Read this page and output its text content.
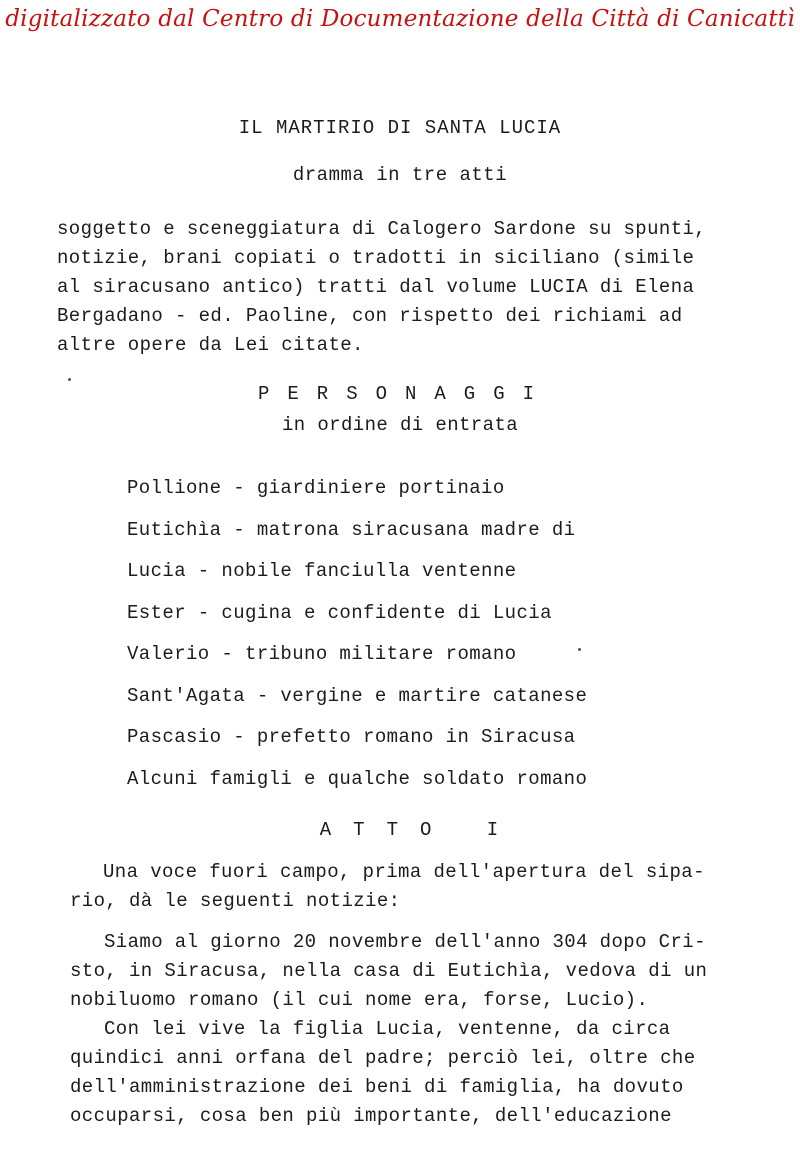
digitalizzato dal Centro di Documentazione della Città di Canicattì
IL MARTIRIO DI SANTA LUCIA
dramma in tre atti
soggetto e sceneggiatura di Calogero Sardone su spunti,
notizie, brani copiati o tradotti in siciliano (simile
al siracusano antico) tratti dal volume LUCIA di Elena
Bergadano - ed. Paoline, con rispetto dei richiami ad
altre opere da Lei citate.
PERSONAGGI
in ordine di entrata
Pollione - giardiniere portinaio
Eutichìa - matrona siracusana madre di
Lucia - nobile fanciulla ventenne
Ester - cugina e confidente di Lucia
Valerio - tribuno militare romano
Sant'Agata - vergine e martire catanese
Pascasio - prefetto romano in Siracusa
Alcuni famigli e qualche soldato romano
ATTO I
Una voce fuori campo, prima dell'apertura del sipa-
rio, dà le seguenti notizie:
Siamo al giorno 20 novembre dell'anno 304 dopo Cri-
sto, in Siracusa, nella casa di Eutichìa, vedova di un
nobiluomo romano (il cui nome era, forse, Lucio).
Con lei vive la figlia Lucia, ventenne, da circa
quindici anni orfana del padre; perciò lei, oltre che
dell'amministrazione dei beni di famiglia, ha dovuto
occuparsi, cosa ben più importante, dell'educazione
